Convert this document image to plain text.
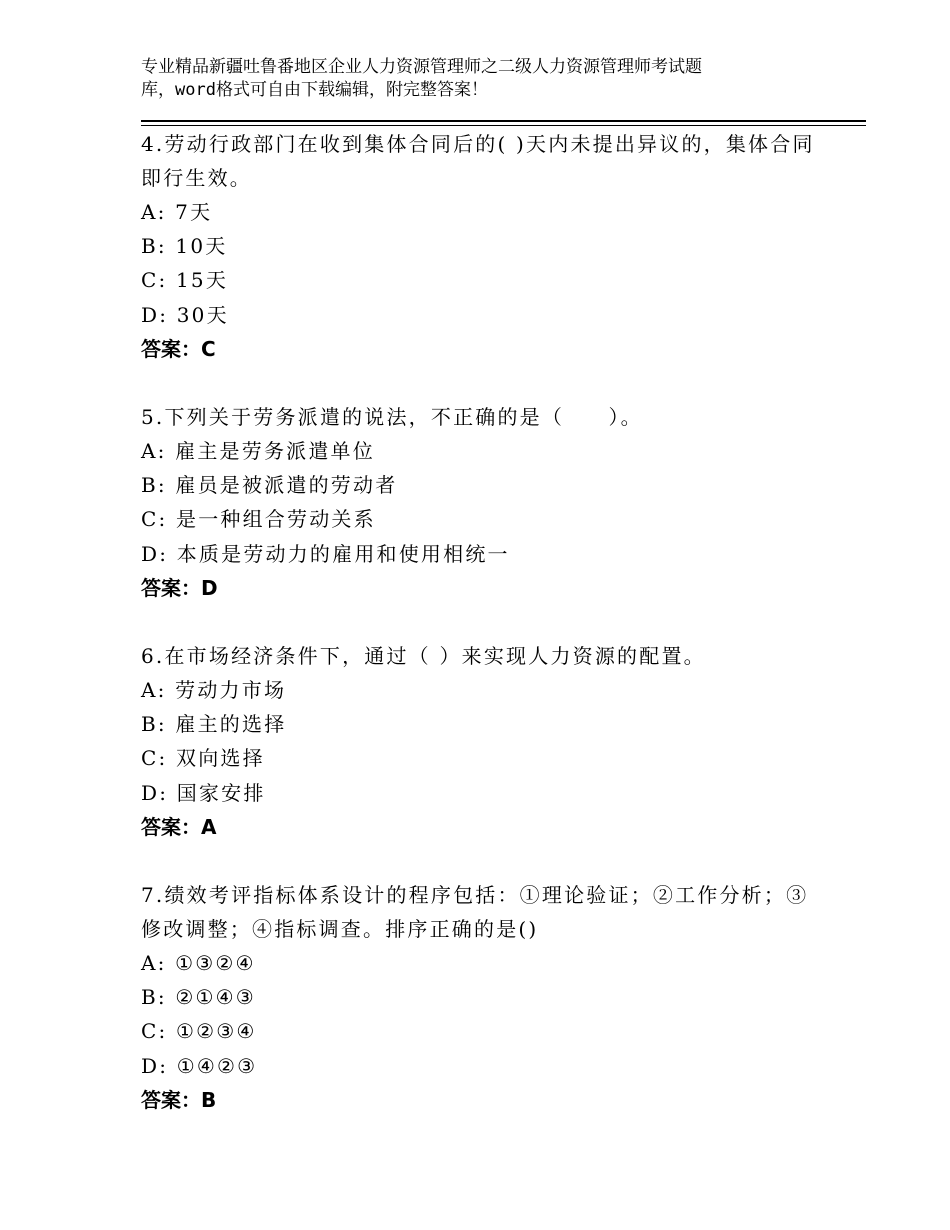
专业精品新疆吐鲁番地区企业人力资源管理师之二级人力资源管理师考试题
库，word格式可自由下载编辑，附完整答案！
4.劳动行政部门在收到集体合同后的( )天内未提出异议的，集体合同
即行生效。
A: 7天
B: 10天
C: 15天
D: 30天
答案：C
5.下列关于劳务派遣的说法，不正确的是（　　）。
A: 雇主是劳务派遣单位
B: 雇员是被派遣的劳动者
C: 是一种组合劳动关系
D: 本质是劳动力的雇用和使用相统一
答案：D
6.在市场经济条件下，通过（ ）来实现人力资源的配置。
A: 劳动力市场
B: 雇主的选择
C: 双向选择
D: 国家安排
答案：A
7.绩效考评指标体系设计的程序包括：①理论验证；②工作分析；③
修改调整；④指标调查。排序正确的是()
A: ①③②④
B: ②①④③
C: ①②③④
D: ①④②③
答案：B
